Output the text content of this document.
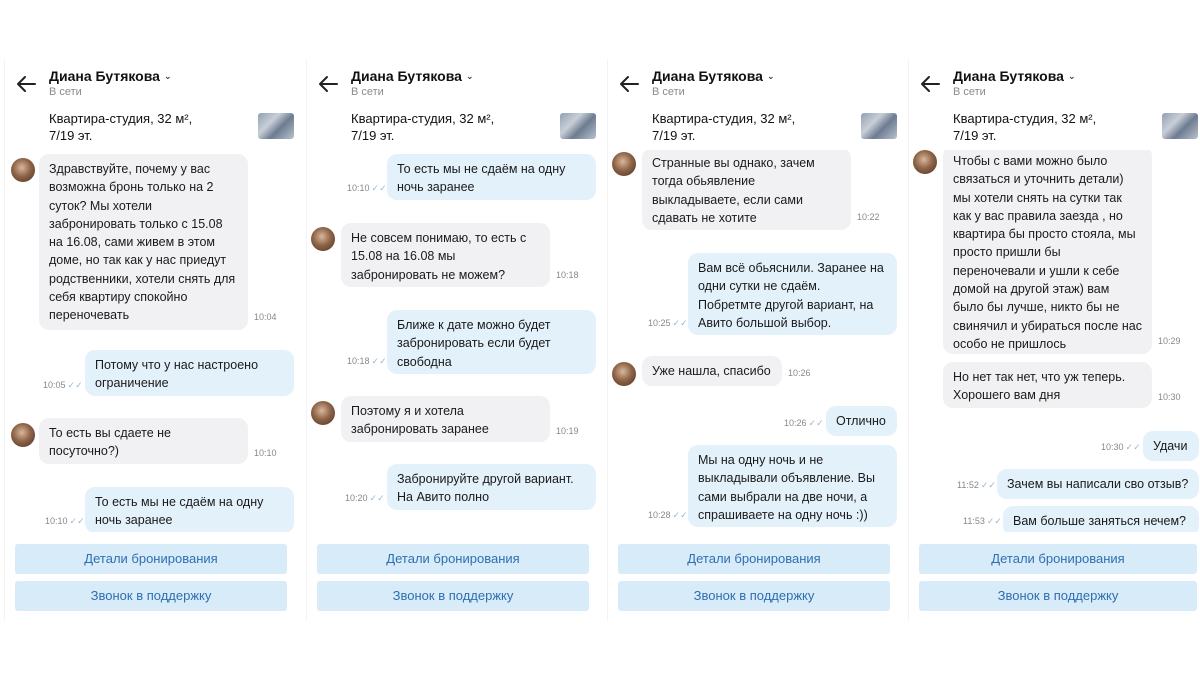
Диана Бутякова ⌄
В сети
Квартира-студия, 32 м², 7/19 эт.
Здравствуйте, почему у вас возможна бронь только на 2 суток? Мы хотели забронировать только с 15.08 на 16.08, сами живем в этом доме, но так как у нас приедут родственники, хотели снять для себя квартиру спокойно переночевать	10:04
10:05 ✓✓
Потому что у нас настроено ограничение
То есть вы сдаете не посуточно?)	10:10
10:10 ✓✓
То есть мы не сдаём на одну ночь заранее
Детали бронирования
Звонок в поддержку
Диана Бутякова ⌄
В сети
Квартира-студия, 32 м², 7/19 эт.
10:10 ✓✓
То есть мы не сдаём на одну ночь заранее
Не совсем понимаю, то есть с 15.08 на 16.08 мы забронировать не можем?	10:18
10:18 ✓✓
Ближе к дате можно будет забронировать если будет свободна
Поэтому я и хотела забронировать заранее	10:19
10:20 ✓✓
Забронируйте другой вариант. На Авито полно
Детали бронирования
Звонок в поддержку
Диана Бутякова ⌄
В сети
Квартира-студия, 32 м², 7/19 эт.
Странные вы однако, зачем тогда обьявление выкладываете, если сами сдавать не хотите	10:22
10:25 ✓✓
Вам всё обьяснили. Заранее на одни сутки не сдаём. Побретмте другой вариант, на Авито большой выбор.
Уже нашла, спасибо	10:26
10:26 ✓✓ Отлично
10:28 ✓✓
Мы на одну ночь и не выкладывали объявление. Вы сами выбрали на две ночи, а спрашиваете на одну ночь :))
Детали бронирования
Звонок в поддержку
Диана Бутякова ⌄
В сети
Квартира-студия, 32 м², 7/19 эт.
Чтобы с вами можно было связаться и уточнить детали) мы хотели снять на сутки так как у вас правила заезда , но квартира бы просто стояла, мы просто пришли бы переночевали и ушли к себе домой на другой этаж) вам было бы лучше, никто бы не свинячил и убираться после нас особо не пришлось	10:29
Но нет так нет, что уж теперь. Хорошего вам дня	10:30
10:30 ✓✓ Удачи
11:52 ✓✓ Зачем вы написали сво отзыв?
11:53 ✓✓ Вам больше заняться нечем?
Детали бронирования
Звонок в поддержку
